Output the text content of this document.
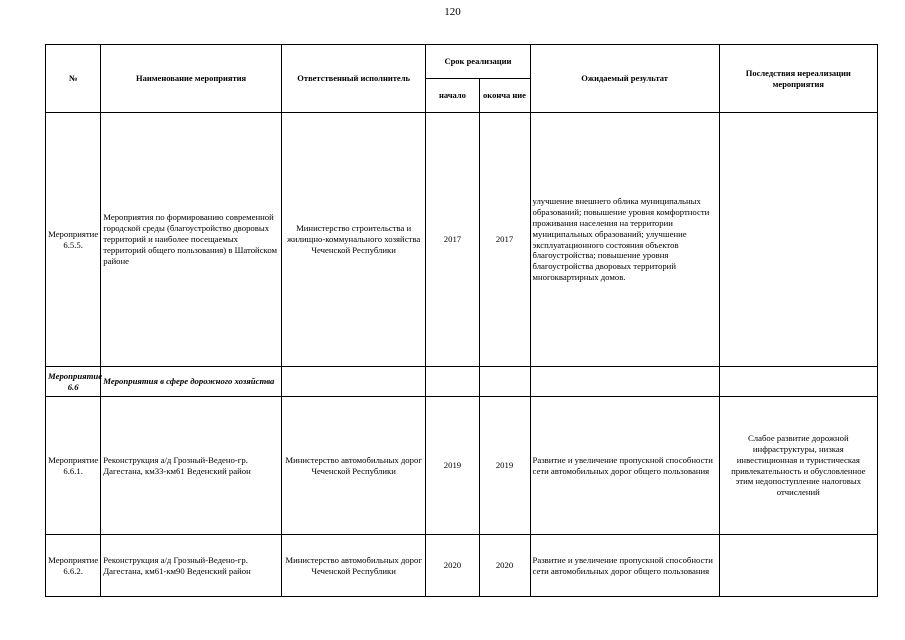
120
№	Наименование мероприятия	Ответственный исполнитель	Срок реализации		Ожидаемый результат	Последствия нереализации мероприятия
			начало	оконча ние		
Мероприятие 6.5.5.	Мероприятия по формированию современной городской среды (благоустройство дворовых территорий и наиболее посещаемых территорий общего пользования) в Шатойском районе	Министерство строительства и жилищно-коммунального хозяйства Чеченской Республики	2017	2017	улучшение внешнего облика муниципальных образований; повышение уровня комфортности проживания населения на территории муниципальных образований; улучшение эксплуатационного состояния объектов благоустройства; повышение уровня благоустройства дворовых территорий многоквартирных домов.	
Мероприятие 6.6	Мероприятия в сфере дорожного хозяйства					
Мероприятие 6.6.1.	Реконструкция а/д Грозный-Ведено-гр. Дагестана, км33-км61 Веденский район	Министерство автомобильных дорог Чеченской Республики	2019	2019	Развитие и увеличение пропускной способности сети автомобильных дорог общего пользования	Слабое развитие дорожной инфраструктуры, низкая инвестиционная и туристическая привлекательность и обусловленное этим недопоступление налоговых отчислений
Мероприятие 6.6.2.	Реконструкция а/д Грозный-Ведено-гр. Дагестана, км61-км90 Веденский район	Министерство автомобильных дорог Чеченской Республики	2020	2020	Развитие и увеличение пропускной способности сети автомобильных дорог общего пользования	
